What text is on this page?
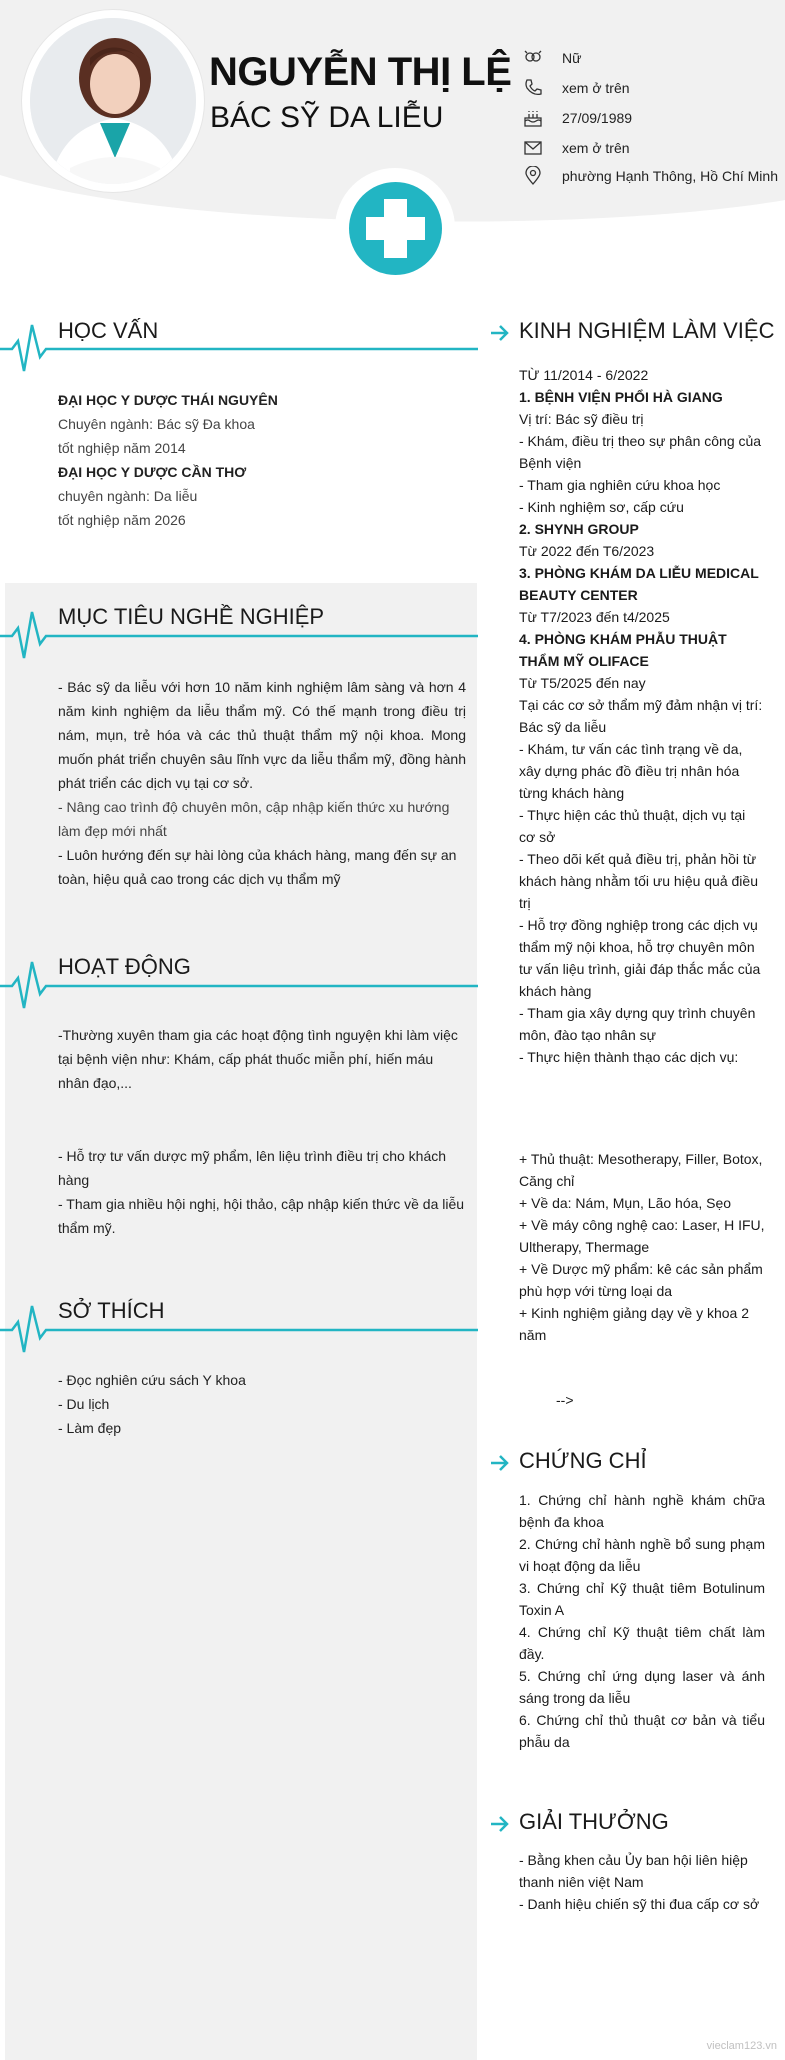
NGUYỄN THỊ LỆ
BÁC SỸ DA LIỄU
Nữ
xem ở trên
27/09/1989
xem ở trên
phường Hạnh Thông, Hồ Chí Minh
HỌC VẤN

ĐẠI HỌC Y DƯỢC THÁI NGUYÊN

Chuyên ngành: Bác sỹ Đa khoa

tốt nghiệp năm 2014

ĐẠI HỌC Y DƯỢC CẦN THƠ

chuyên ngành: Da liễu

tốt nghiệp năm 2026

MỤC TIÊU NGHỀ NGHIỆP

- Bác sỹ da liễu với hơn 10 năm kinh nghiệm lâm sàng và hơn 4 năm kinh nghiệm da liễu thẩm mỹ. Có thế mạnh trong điều trị nám, mụn, trẻ hóa và các thủ thuật thẩm mỹ nội khoa. Mong muốn phát triển chuyên sâu lĩnh vực da liễu thẩm mỹ, đồng hành phát triển các dịch vụ tại cơ sở.

- Nâng cao trình độ chuyên môn, cập nhập kiến thức xu hướng làm đẹp mới nhất

- Luôn hướng đến sự hài lòng của khách hàng, mang đến sự an toàn, hiệu quả cao trong các dịch vụ thẩm mỹ

HOẠT ĐỘNG
-Thường xuyên tham gia các hoạt động tình nguyện khi làm việc tại bệnh viện như: Khám, cấp phát thuốc miễn phí, hiến máu nhân đạo,...
- Hỗ trợ tư vấn dược mỹ phẩm, lên liệu trình điều trị cho khách hàng
- Tham gia nhiều hội nghị, hội thảo, cập nhập kiến thức về da liễu thẩm mỹ.
SỞ THÍCH

- Đọc nghiên cứu sách Y khoa

- Du lịch

- Làm đẹp

KINH NGHIỆM LÀM VIỆC

TỪ 11/2014 - 6/2022

1. BỆNH VIỆN PHỔI HÀ GIANG

Vị trí: Bác sỹ điều trị

- Khám, điều trị theo sự phân công của Bệnh viện

- Tham gia nghiên cứu khoa học

- Kinh nghiệm sơ, cấp cứu

2. SHYNH GROUP

Từ 2022 đến T6/2023

3. PHÒNG KHÁM DA LIỄU MEDICAL BEAUTY CENTER

Từ T7/2023 đến t4/2025

4. PHÒNG KHÁM PHẪU THUẬT THẨM MỸ OLIFACE

Từ T5/2025 đến nay

Tại các cơ sở thẩm mỹ đảm nhận vị trí: Bác sỹ da liễu

- Khám, tư vấn các tình trạng về da, xây dựng phác đồ điều trị nhân hóa từng khách hàng

- Thực hiện các thủ thuật, dịch vụ tại cơ sở

- Theo dõi kết quả điều trị, phản hồi từ khách hàng nhằm tối ưu hiệu quả điều trị

- Hỗ trợ đồng nghiệp trong các dịch vụ thẩm mỹ nội khoa, hỗ trợ chuyên môn tư vấn liệu trình, giải đáp thắc mắc của khách hàng

- Tham gia xây dựng quy trình chuyên môn, đào tạo nhân sự

- Thực hiện thành thạo các dịch vụ:

+ Thủ thuật: Mesotherapy, Filler, Botox, Căng chỉ

+ Về da: Nám, Mụn, Lão hóa, Sẹo

+ Về máy công nghệ cao: Laser, H IFU, Ultherapy, Thermage

+ Về Dược mỹ phẩm: kê các sản phẩm phù hợp với từng loại da

+ Kinh nghiệm giảng dạy về y khoa 2 năm

-->
CHỨNG CHỈ

1. Chứng chỉ hành nghề khám chữa bệnh đa khoa

2. Chứng chỉ hành nghề bổ sung phạm vi hoạt động da liễu

3. Chứng chỉ Kỹ thuật tiêm Botulinum Toxin A

4. Chứng chỉ Kỹ thuật tiêm chất làm đầy.

5. Chứng chỉ ứng dụng laser và ánh sáng trong da liễu

6. Chứng chỉ thủ thuật cơ bản và tiểu phẫu da

GIẢI THƯỞNG

- Bằng khen cảu Ủy ban hội liên hiệp thanh niên việt Nam

- Danh hiệu chiến sỹ thi đua cấp cơ sở

vieclam123.vn
